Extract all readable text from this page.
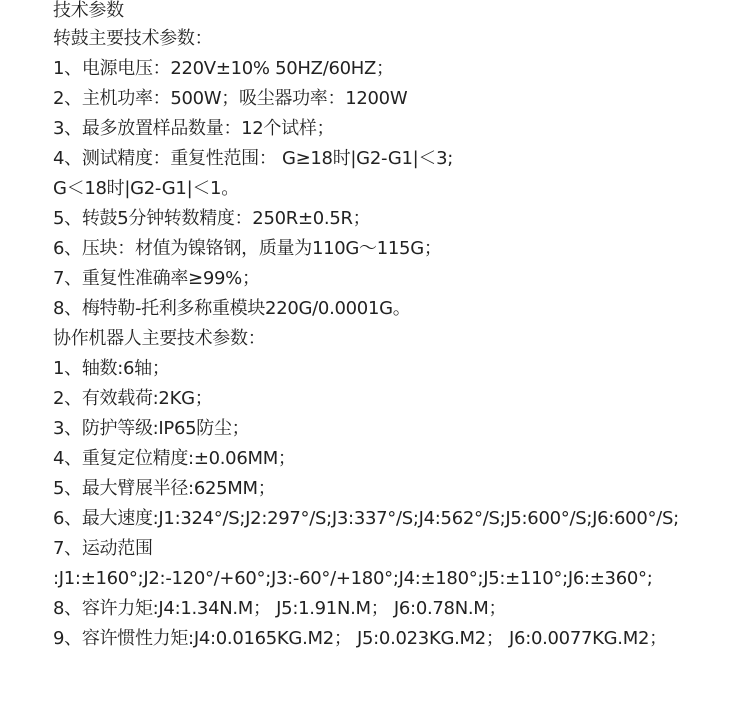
技术参数
转鼓主要技术参数：
1、电源电压：220V±10% 50HZ/60HZ；
2、主机功率：500W；吸尘器功率：1200W
3、最多放置样品数量：12个试样；
4、测试精度：重复性范围： G≥18时|G2-G1|＜3;
G＜18时|G2-G1|＜1。
5、转鼓5分钟转数精度：250R±0.5R；
6、压块：材值为镍铬钢，质量为110G～115G；
7、重复性准确率≥99%；
8、梅特勒-托利多称重模块220G/0.0001G。
协作机器人主要技术参数：
1、轴数:6轴；
2、有效载荷:2KG；
3、防护等级:IP65防尘；
4、重复定位精度:±0.06MM；
5、最大臂展半径:625MM；
6、最大速度:J1:324°/S;J2:297°/S;J3:337°/S;J4:562°/S;J5:600°/S;J6:600°/S;
7、运动范围
:J1:±160°;J2:-120°/+60°;J3:-60°/+180°;J4:±180°;J5:±110°;J6:±360°;
8、容许力矩:J4:1.34N.M； J5:1.91N.M； J6:0.78N.M；
9、容许惯性力矩:J4:0.0165KG.M2； J5:0.023KG.M2； J6:0.0077KG.M2；
